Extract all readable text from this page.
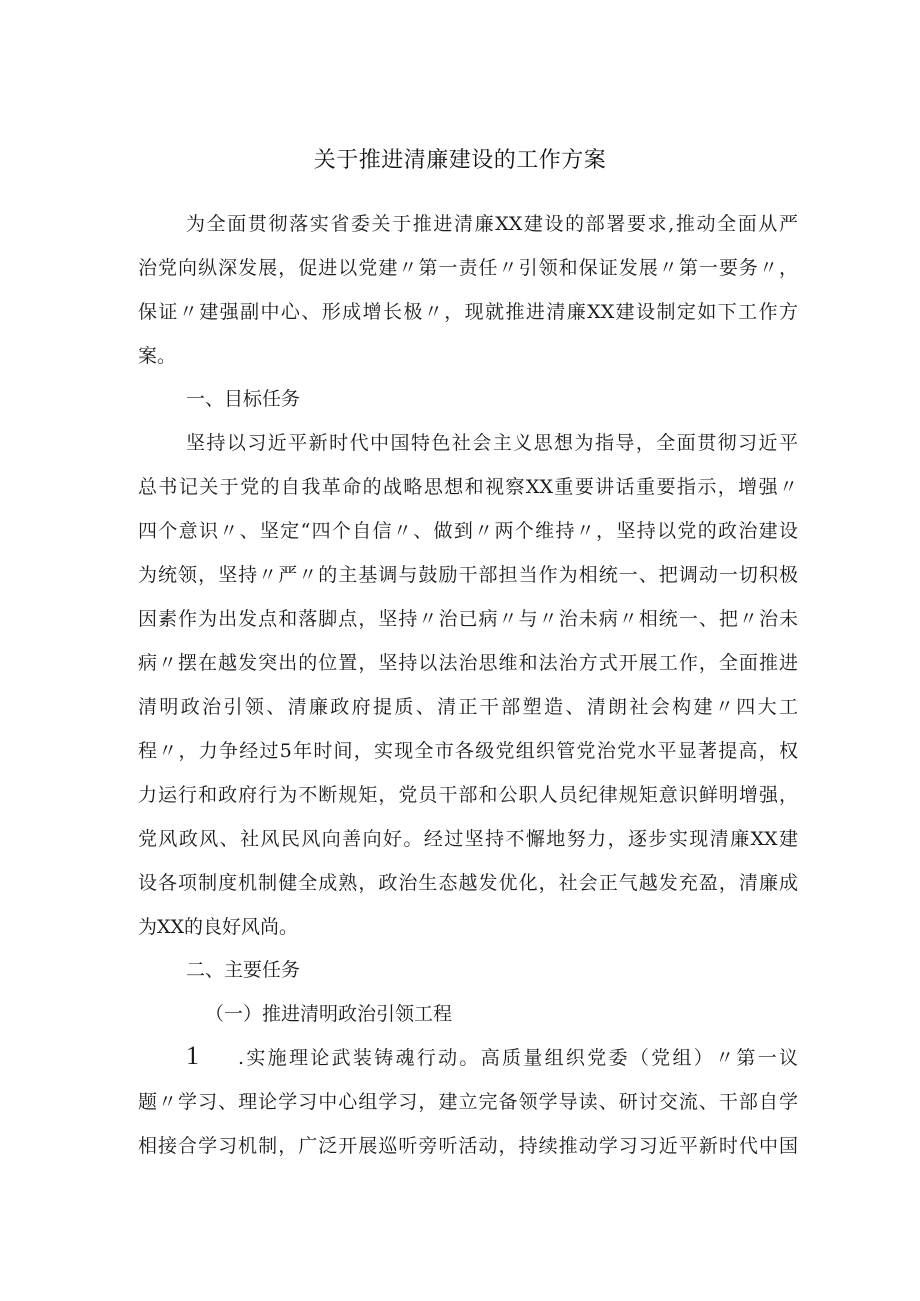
关于推进清廉建设的工作方案
为全面贯彻落实省委关于推进清廉XX建设的部署要求,推动全面从严
治党向纵深发展，促进以党建〃第一责任〃引领和保证发展〃第一要务〃，
保证〃建强副中心、形成增长极〃，现就推进清廉XX建设制定如下工作方
案。
一、目标任务
坚持以习近平新时代中国特色社会主义思想为指导，全面贯彻习近平
总书记关于党的自我革命的战略思想和视察XX重要讲话重要指示，增强〃
四个意识〃、坚定“四个自信〃、做到〃两个维持〃，坚持以党的政治建设
为统领，坚持〃严〃的主基调与鼓励干部担当作为相统一、把调动一切积极
因素作为出发点和落脚点，坚持〃治已病〃与〃治未病〃相统一、把〃治未
病〃摆在越发突出的位置，坚持以法治思维和法治方式开展工作，全面推进
清明政治引领、清廉政府提质、清正干部塑造、清朗社会构建〃四大工
程〃，力争经过5年时间，实现全市各级党组织管党治党水平显著提高，权
力运行和政府行为不断规矩，党员干部和公职人员纪律规矩意识鲜明增强，
党风政风、社风民风向善向好。经过坚持不懈地努力，逐步实现清廉XX建
设各项制度机制健全成熟，政治生态越发优化，社会正气越发充盈，清廉成
为XX的良好风尚。
二、主要任务
（一）推进清明政治引领工程
1 .实施理论武装铸魂行动。高质量组织党委（党组）〃第一议
题〃学习、理论学习中心组学习，建立完备领学导读、研讨交流、干部自学
相接合学习机制，广泛开展巡听旁听活动，持续推动学习习近平新时代中国
